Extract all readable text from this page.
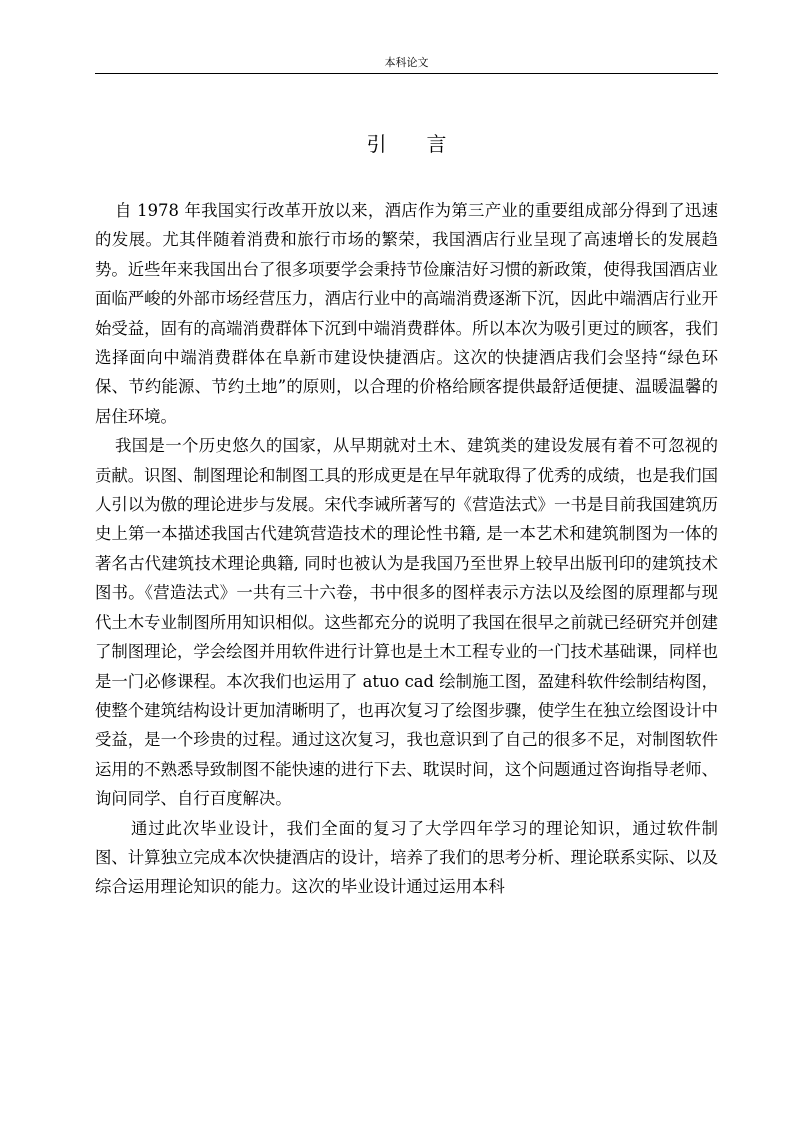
本科论文
引言

自 1978 年我国实行改革开放以来，酒店作为第三产业的重要组成部分得到了迅速的发展。尤其伴随着消费和旅行市场的繁荣，我国酒店行业呈现了高速增长的发展趋势。近些年来我国出台了很多项要学会秉持节俭廉洁好习惯的新政策，使得我国酒店业面临严峻的外部市场经营压力，酒店行业中的高端消费逐渐下沉，因此中端酒店行业开始受益，固有的高端消费群体下沉到中端消费群体。所以本次为吸引更过的顾客，我们选择面向中端消费群体在阜新市建设快捷酒店。这次的快捷酒店我们会坚持“绿色环保、节约能源、节约土地”的原则，以合理的价格给顾客提供最舒适便捷、温暖温馨的居住环境。

我国是一个历史悠久的国家，从早期就对土木、建筑类的建设发展有着不可忽视的贡献。识图、制图理论和制图工具的形成更是在早年就取得了优秀的成绩，也是我们国人引以为傲的理论进步与发展。宋代李诫所著写的《营造法式》一书是目前我国建筑历史上第一本描述我国古代建筑营造技术的理论性书籍, 是一本艺术和建筑制图为一体的著名古代建筑技术理论典籍, 同时也被认为是我国乃至世界上较早出版刊印的建筑技术图书。《营造法式》一共有三十六卷，书中很多的图样表示方法以及绘图的原理都与现代土木专业制图所用知识相似。这些都充分的说明了我国在很早之前就已经研究并创建了制图理论，学会绘图并用软件进行计算也是土木工程专业的一门技术基础课，同样也是一门必修课程。本次我们也运用了 atuo cad 绘制施工图，盈建科软件绘制结构图，使整个建筑结构设计更加清晰明了，也再次复习了绘图步骤，使学生在独立绘图设计中受益，是一个珍贵的过程。通过这次复习，我也意识到了自己的很多不足，对制图软件运用的不熟悉导致制图不能快速的进行下去、耽误时间，这个问题通过咨询指导老师、询问同学、自行百度解决。

通过此次毕业设计，我们全面的复习了大学四年学习的理论知识，通过软件制图、计算独立完成本次快捷酒店的设计，培养了我们的思考分析、理论联系实际、以及综合运用理论知识的能力。这次的毕业设计通过运用本科
